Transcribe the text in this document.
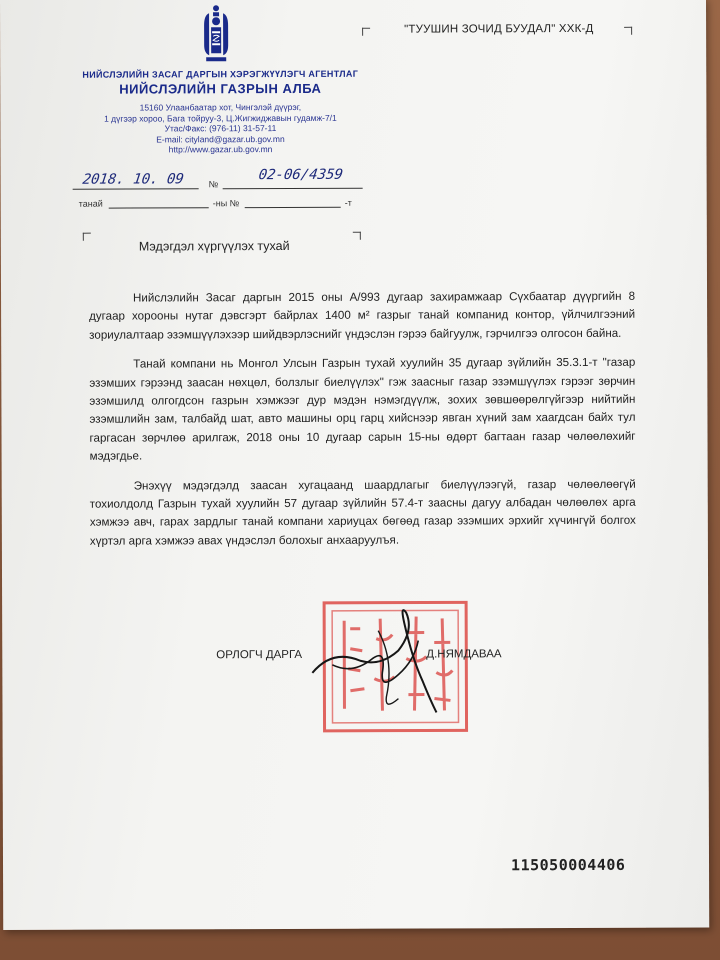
НИЙСЛЭЛИЙН ЗАСАГ ДАРГЫН ХЭРЭГЖҮҮЛЭГЧ АГЕНТЛАГ
НИЙСЛЭЛИЙН ГАЗРЫН АЛБА
15160 Улаанбаатар хот, Чингэлэй дүүрэг,
1 дүгээр хороо, Бага тойруу-3, Ц.Жигжиджавын гудамж-7/1
Утас/Факс: (976-11) 31-57-11
E-mail: cityland@gazar.ub.gov.mn
http://www.gazar.ub.gov.mn
"ТУУШИН ЗОЧИД БУУДАЛ" ХХК-Д
2018. 10. 09	№
02-06/4359
танай	-ны №	-т
Мэдэгдэл хүргүүлэх тухай

Нийслэлийн Засаг даргын 2015 оны А/993 дугаар захирамжаар Сүхбаатар дүүргийн 8 дугаар хорооны нутаг дэвсгэрт байрлах 1400 м² газрыг танай компанид контор, үйлчилгээний зориулалтаар эзэмшүүлэхээр шийдвэрлэснийг үндэслэн гэрээ байгуулж, гэрчилгээ олгосон байна.

Танай компани нь Монгол Улсын Газрын тухай хуулийн 35 дугаар зүйлийн 35.3.1-т "газар эзэмших гэрээнд заасан нөхцөл, болзлыг биелүүлэх" гэж заасныг газар эзэмшүүлэх гэрээг зөрчин эзэмшилд олгогдсон газрын хэмжээг дур мэдэн нэмэгдүүлж, зохих зөвшөөрөлгүйгээр нийтийн эзэмшлийн зам, талбайд шат, авто машины орц гарц хийснээр явган хүний зам хаагдсан байх тул гаргасан зөрчлөө арилгаж, 2018 оны 10 дугаар сарын 15-ны өдөрт багтаан газар чөлөөлөхийг мэдэгдье.

Энэхүү мэдэгдэлд заасан хугацаанд шаардлагыг биелүүлээгүй, газар чөлөөлөөгүй тохиолдолд Газрын тухай хуулийн 57 дугаар зүйлийн 57.4-т заасны дагуу албадан чөлөөлөх арга хэмжээ авч, гарах зардлыг танай компани хариуцах бөгөөд газар эзэмших эрхийг хүчингүй болгох хүртэл арга хэмжээ авах үндэслэл болохыг анхааруулъя.

ОРЛОГЧ ДАРГА	Д.НЯМДАВАА
115050004406
